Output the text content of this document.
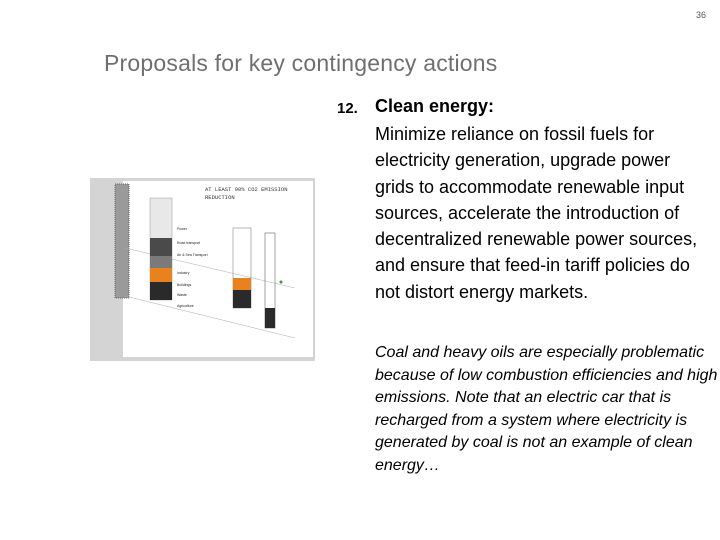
36
Proposals for key contingency actions
12. Clean energy:
Minimize reliance on fossil fuels for electricity generation, upgrade power grids to accommodate renewable input sources, accelerate the introduction of decentralized renewable power sources, and ensure that feed-in tariff policies do not distort energy markets.
Coal and heavy oils are especially problematic because of low combustion efficiencies and high emissions. Note that an electric car that is recharged from a system where electricity is generated by coal is not an example of clean energy…
AT LEAST 90% CO2 EMISSION
REDUCTION
Power
Road transport
Air & Sea Transport
Industry
Buildings
Waste
Agriculture
